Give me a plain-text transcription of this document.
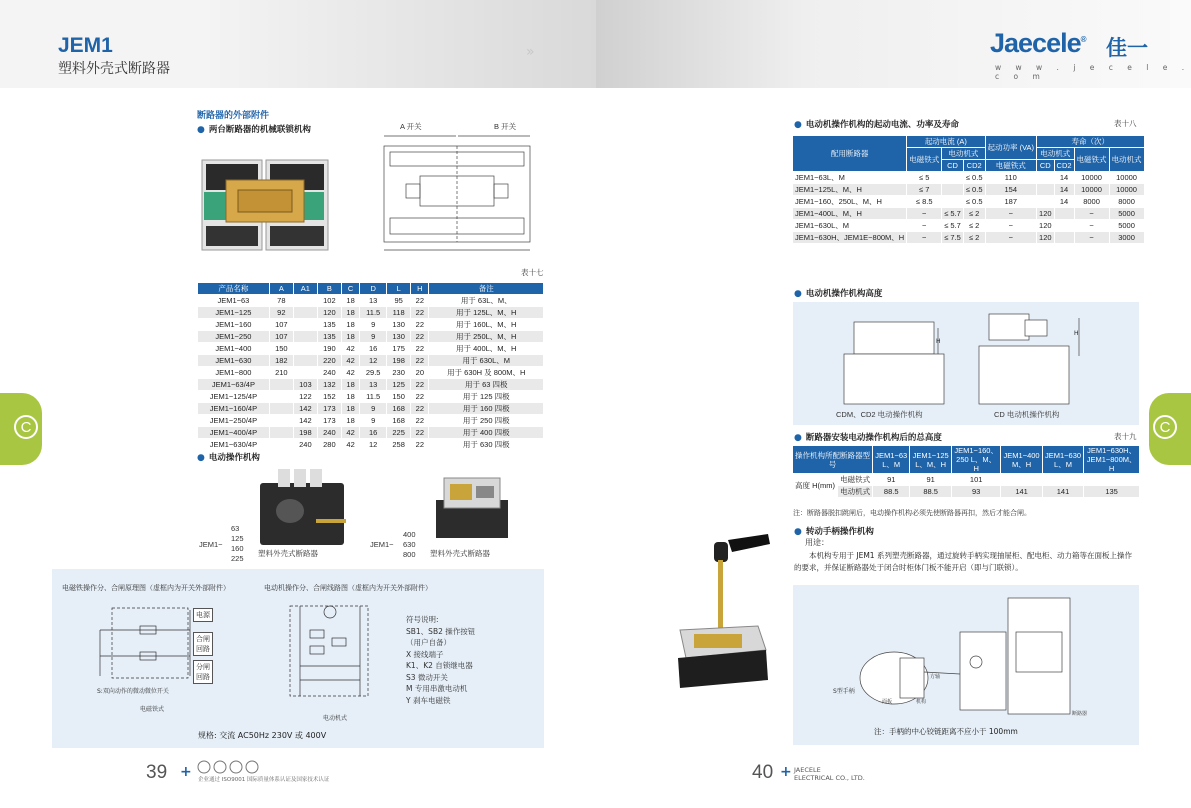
JEM1
塑料外壳式断路器
»	Jaecele® 佳一
w w w . j e c e l e . c o m
C	C
断路器的外部附件
● 两台断路器的机械联锁机构	A 开关	B 开关
表十七
产品名称	A	A1	B	C	D	L	H	备注
JEM1−63	78		102	18	13	95	22	用于 63L、M、
JEM1−125	92		120	18	11.5	118	22	用于 125L、M、H
JEM1−160	107		135	18	9	130	22	用于 160L、M、H
JEM1−250	107		135	18	9	130	22	用于 250L、M、H
JEM1−400	150		190	42	16	175	22	用于 400L、M、H
JEM1−630	182		220	42	12	198	22	用于 630L、M
JEM1−800	210		240	42	29.5	230	20	用于 630H 及 800M、H
JEM1−63/4P		103	132	18	13	125	22	用于 63 四极
JEM1−125/4P		122	152	18	11.5	150	22	用于 125 四极
JEM1−160/4P		142	173	18	9	168	22	用于 160 四极
JEM1−250/4P		142	173	18	9	168	22	用于 250 四极
JEM1−400/4P		198	240	42	16	225	22	用于 400 四极
JEM1−630/4P		240	280	42	12	258	22	用于 630 四极
● 电动操作机构
JEM1−
63
125
160
225
塑料外壳式断路器
JEM1−
400
630
800 塑料外壳式断路器
电磁铁操作分、合闸原理图（虚框内为开关外部附件）	电动机操作分、合闸线路图（虚框内为开关外部附件）
电源
合闸回路
分闸回路
S:双向动作的微动微位开关
电磁铁式
电动机式
符号说明:
SB1、SB2 操作按钮
（用户自备）
X 接线端子
K1、K2 自锁继电器
S3 微动开关
M 专用串激电动机
Y 刹车电磁铁
规格: 交流 AC50Hz 230V 或 400V
39 + 企业通过 ISO9001 国际质量体系认证及国家技术认证
● 电动机操作机构的起动电流、功率及寿命	表十八
配用断路器	起动电流 (A)			起动功率 (VA)	寿命（次）			
	电磁铁式	电动机式			电动机式		电磁铁式	电动机式
		CD	CD2	电磁铁式	CD	CD2		
JEM1−63L、M	≤ 5		≤ 0.5	110		14	10000	10000
JEM1−125L、M、H	≤ 7		≤ 0.5	154		14	10000	10000
JEM1−160、250L、M、H	≤ 8.5		≤ 0.5	187		14	8000	8000
JEM1−400L、M、H	−	≤ 5.7	≤ 2	−	120		−	5000
JEM1−630L、M	−	≤ 5.7	≤ 2	−	120		−	5000
JEM1−630H、JEM1E−800M、H	−	≤ 7.5	≤ 2	−	120		−	3000
● 电动机操作机构高度
H
H
CDM、CD2 电动操作机构	CD 电动机操作机构
● 断路器安装电动操作机构后的总高度	表十九
操作机构所配断路器型号		JEM1−63 L、M	JEM1−125 L、M、H	JEM1−160、250 L、M、H	JEM1−400 M、H	JEM1−630 L、M	JEM1−630H、JEM1−800M、H
高度 H(mm)	电磁铁式	91	91	101			
	电动机式	88.5	88.5	93	141	141	135
注：断路器脱扣跳闸后，电动操作机构必须先使断路器再扣，然后才能合闸。
● 转动手柄操作机构
用途：
本机构专用于 JEM1 系列塑壳断路器，通过旋转手柄实现抽屉柜、配电柜、动力箱等在面板上操作的要求，并保证断路器处于闭合时柜体门板不能开启（即与门联锁）。
S型手柄
面板	机构
方轴
断路器
注：手柄的中心铰链距离不应小于 100mm
40 + JAECELE
ELECTRICAL CO., LTD.
